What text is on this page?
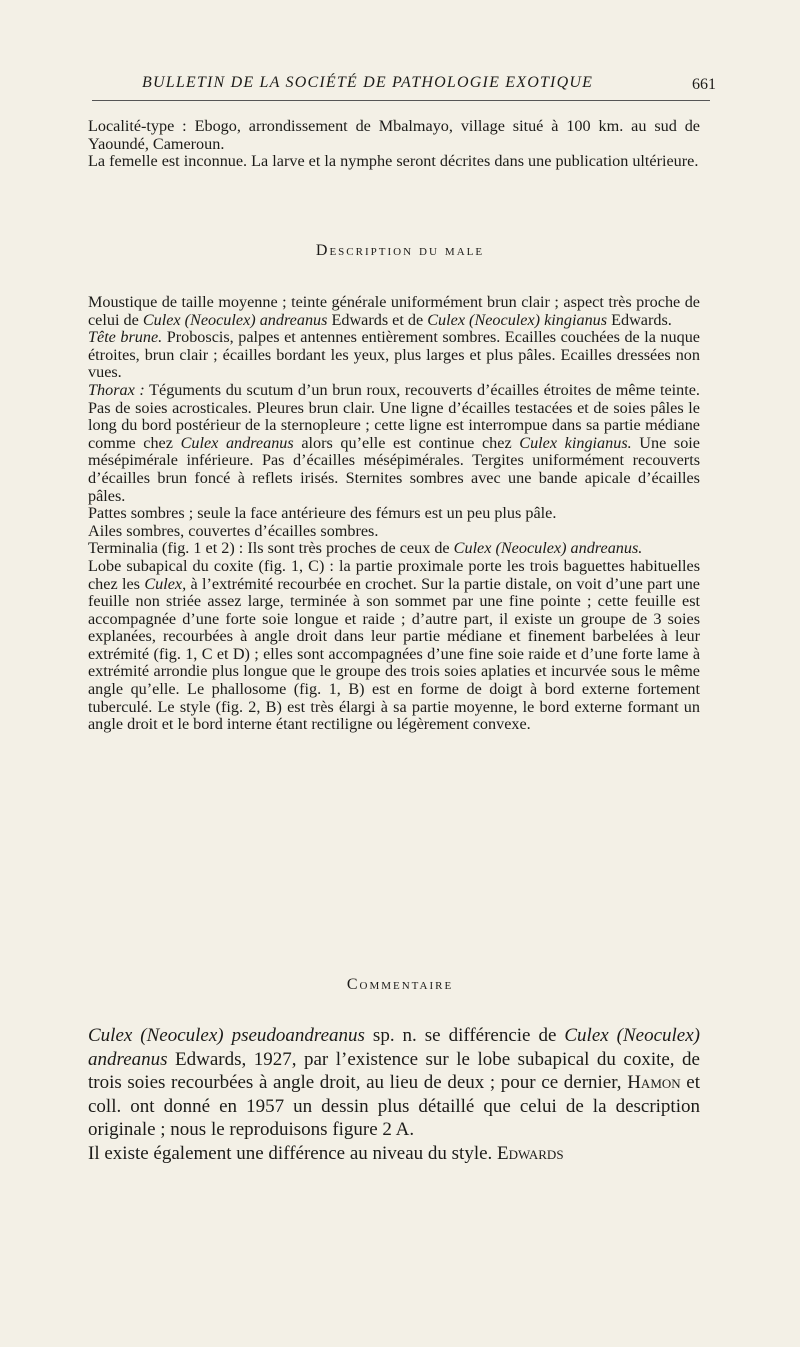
BULLETIN DE LA SOCIÉTÉ DE PATHOLOGIE EXOTIQUE	661

Localité-type : Ebogo, arrondissement de Mbalmayo, village situé à 100 km. au sud de Yaoundé, Cameroun.

La femelle est inconnue. La larve et la nymphe seront décrites dans une publication ultérieure.

Description du male

Moustique de taille moyenne ; teinte générale uniformément brun clair ; aspect très proche de celui de Culex (Neoculex) andreanus Edwards et de Culex (Neoculex) kingianus Edwards.

Tête brune. Proboscis, palpes et antennes entièrement sombres. Ecailles couchées de la nuque étroites, brun clair ; écailles bordant les yeux, plus larges et plus pâles. Ecailles dressées non vues.

Thorax : Téguments du scutum d’un brun roux, recouverts d’écailles étroites de même teinte. Pas de soies acrosticales. Pleures brun clair. Une ligne d’écailles testacées et de soies pâles le long du bord postérieur de la sternopleure ; cette ligne est interrompue dans sa partie médiane comme chez Culex andreanus alors qu’elle est continue chez Culex kingianus. Une soie mésépimérale inférieure. Pas d’écailles mésépimérales. Tergites uniformément recouverts d’écailles brun foncé à reflets irisés. Sternites sombres avec une bande apicale d’écailles pâles.

Pattes sombres ; seule la face antérieure des fémurs est un peu plus pâle.

Ailes sombres, couvertes d’écailles sombres.

Terminalia (fig. 1 et 2) : Ils sont très proches de ceux de Culex (Neoculex) andreanus.

Lobe subapical du coxite (fig. 1, C) : la partie proximale porte les trois baguettes habituelles chez les Culex, à l’extrémité recourbée en crochet. Sur la partie distale, on voit d’une part une feuille non striée assez large, terminée à son sommet par une fine pointe ; cette feuille est accompagnée d’une forte soie longue et raide ; d’autre part, il existe un groupe de 3 soies explanées, recourbées à angle droit dans leur partie médiane et finement barbelées à leur extrémité (fig. 1, C et D) ; elles sont accompagnées d’une fine soie raide et d’une forte lame à extrémité arrondie plus longue que le groupe des trois soies aplaties et incurvée sous le même angle qu’elle. Le phallosome (fig. 1, B) est en forme de doigt à bord externe fortement tuberculé. Le style (fig. 2, B) est très élargi à sa partie moyenne, le bord externe formant un angle droit et le bord interne étant rectiligne ou légèrement convexe.

Commentaire

Culex (Neoculex) pseudoandreanus sp. n. se différencie de Culex (Neoculex) andreanus Edwards, 1927, par l’existence sur le lobe subapical du coxite, de trois soies recourbées à angle droit, au lieu de deux ; pour ce dernier, Hamon et coll. ont donné en 1957 un dessin plus détaillé que celui de la description originale ; nous le reproduisons figure 2 A.

Il existe également une différence au niveau du style. Edwards
